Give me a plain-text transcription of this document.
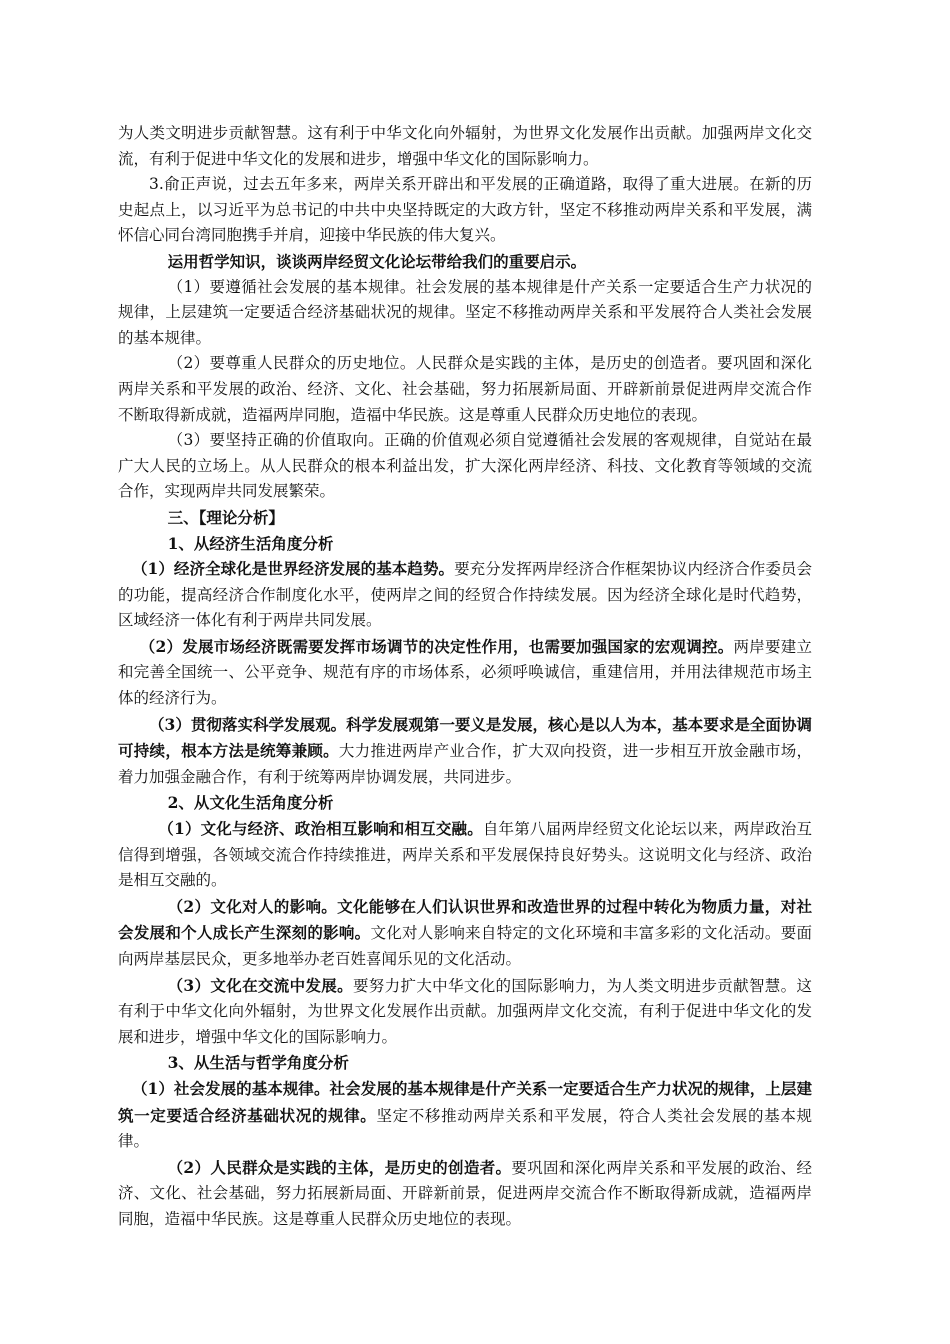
为人类文明进步贡献智慧。这有利于中华文化向外辐射，为世界文化发展作出贡献。加强两岸文化交流，有利于促进中华文化的发展和进步，增强中华文化的国际影响力。

3.俞正声说，过去五年多来，两岸关系开辟出和平发展的正确道路，取得了重大进展。在新的历史起点上，以习近平为总书记的中共中央坚持既定的大政方针，坚定不移推动两岸关系和平发展，满怀信心同台湾同胞携手并肩，迎接中华民族的伟大复兴。

运用哲学知识，谈谈两岸经贸文化论坛带给我们的重要启示。

（1）要遵循社会发展的基本规律。社会发展的基本规律是什产关系一定要适合生产力状况的规律，上层建筑一定要适合经济基础状况的规律。坚定不移推动两岸关系和平发展符合人类社会发展的基本规律。

（2）要尊重人民群众的历史地位。人民群众是实践的主体，是历史的创造者。要巩固和深化两岸关系和平发展的政治、经济、文化、社会基础，努力拓展新局面、开辟新前景促进两岸交流合作不断取得新成就，造福两岸同胞，造福中华民族。这是尊重人民群众历史地位的表现。

（3）要坚持正确的价值取向。正确的价值观必须自觉遵循社会发展的客观规律，自觉站在最广大人民的立场上。从人民群众的根本利益出发，扩大深化两岸经济、科技、文化教育等领域的交流合作，实现两岸共同发展繁荣。

三、【理论分析】

1、从经济生活角度分析

（1）经济全球化是世界经济发展的基本趋势。要充分发挥两岸经济合作框架协议内经济合作委员会的功能，提高经济合作制度化水平，使两岸之间的经贸合作持续发展。因为经济全球化是时代趋势，区域经济一体化有利于两岸共同发展。

（2）发展市场经济既需要发挥市场调节的决定性作用，也需要加强国家的宏观调控。两岸要建立和完善全国统一、公平竞争、规范有序的市场体系，必须呼唤诚信，重建信用，并用法律规范市场主体的经济行为。

（3）贯彻落实科学发展观。科学发展观第一要义是发展，核心是以人为本，基本要求是全面协调可持续，根本方法是统筹兼顾。大力推进两岸产业合作，扩大双向投资，进一步相互开放金融市场，着力加强金融合作，有利于统筹两岸协调发展，共同进步。

2、从文化生活角度分析

（1）文化与经济、政治相互影响和相互交融。自年第八届两岸经贸文化论坛以来，两岸政治互信得到增强，各领域交流合作持续推进，两岸关系和平发展保持良好势头。这说明文化与经济、政治是相互交融的。

（2）文化对人的影响。文化能够在人们认识世界和改造世界的过程中转化为物质力量，对社会发展和个人成长产生深刻的影响。文化对人影响来自特定的文化环境和丰富多彩的文化活动。要面向两岸基层民众，更多地举办老百姓喜闻乐见的文化活动。

（3）文化在交流中发展。要努力扩大中华文化的国际影响力，为人类文明进步贡献智慧。这有利于中华文化向外辐射，为世界文化发展作出贡献。加强两岸文化交流，有利于促进中华文化的发展和进步，增强中华文化的国际影响力。

3、从生活与哲学角度分析

（1）社会发展的基本规律。社会发展的基本规律是什产关系一定要适合生产力状况的规律，上层建筑一定要适合经济基础状况的规律。坚定不移推动两岸关系和平发展，符合人类社会发展的基本规律。

（2）人民群众是实践的主体，是历史的创造者。要巩固和深化两岸关系和平发展的政治、经济、文化、社会基础，努力拓展新局面、开辟新前景，促进两岸交流合作不断取得新成就，造福两岸同胞，造福中华民族。这是尊重人民群众历史地位的表现。
